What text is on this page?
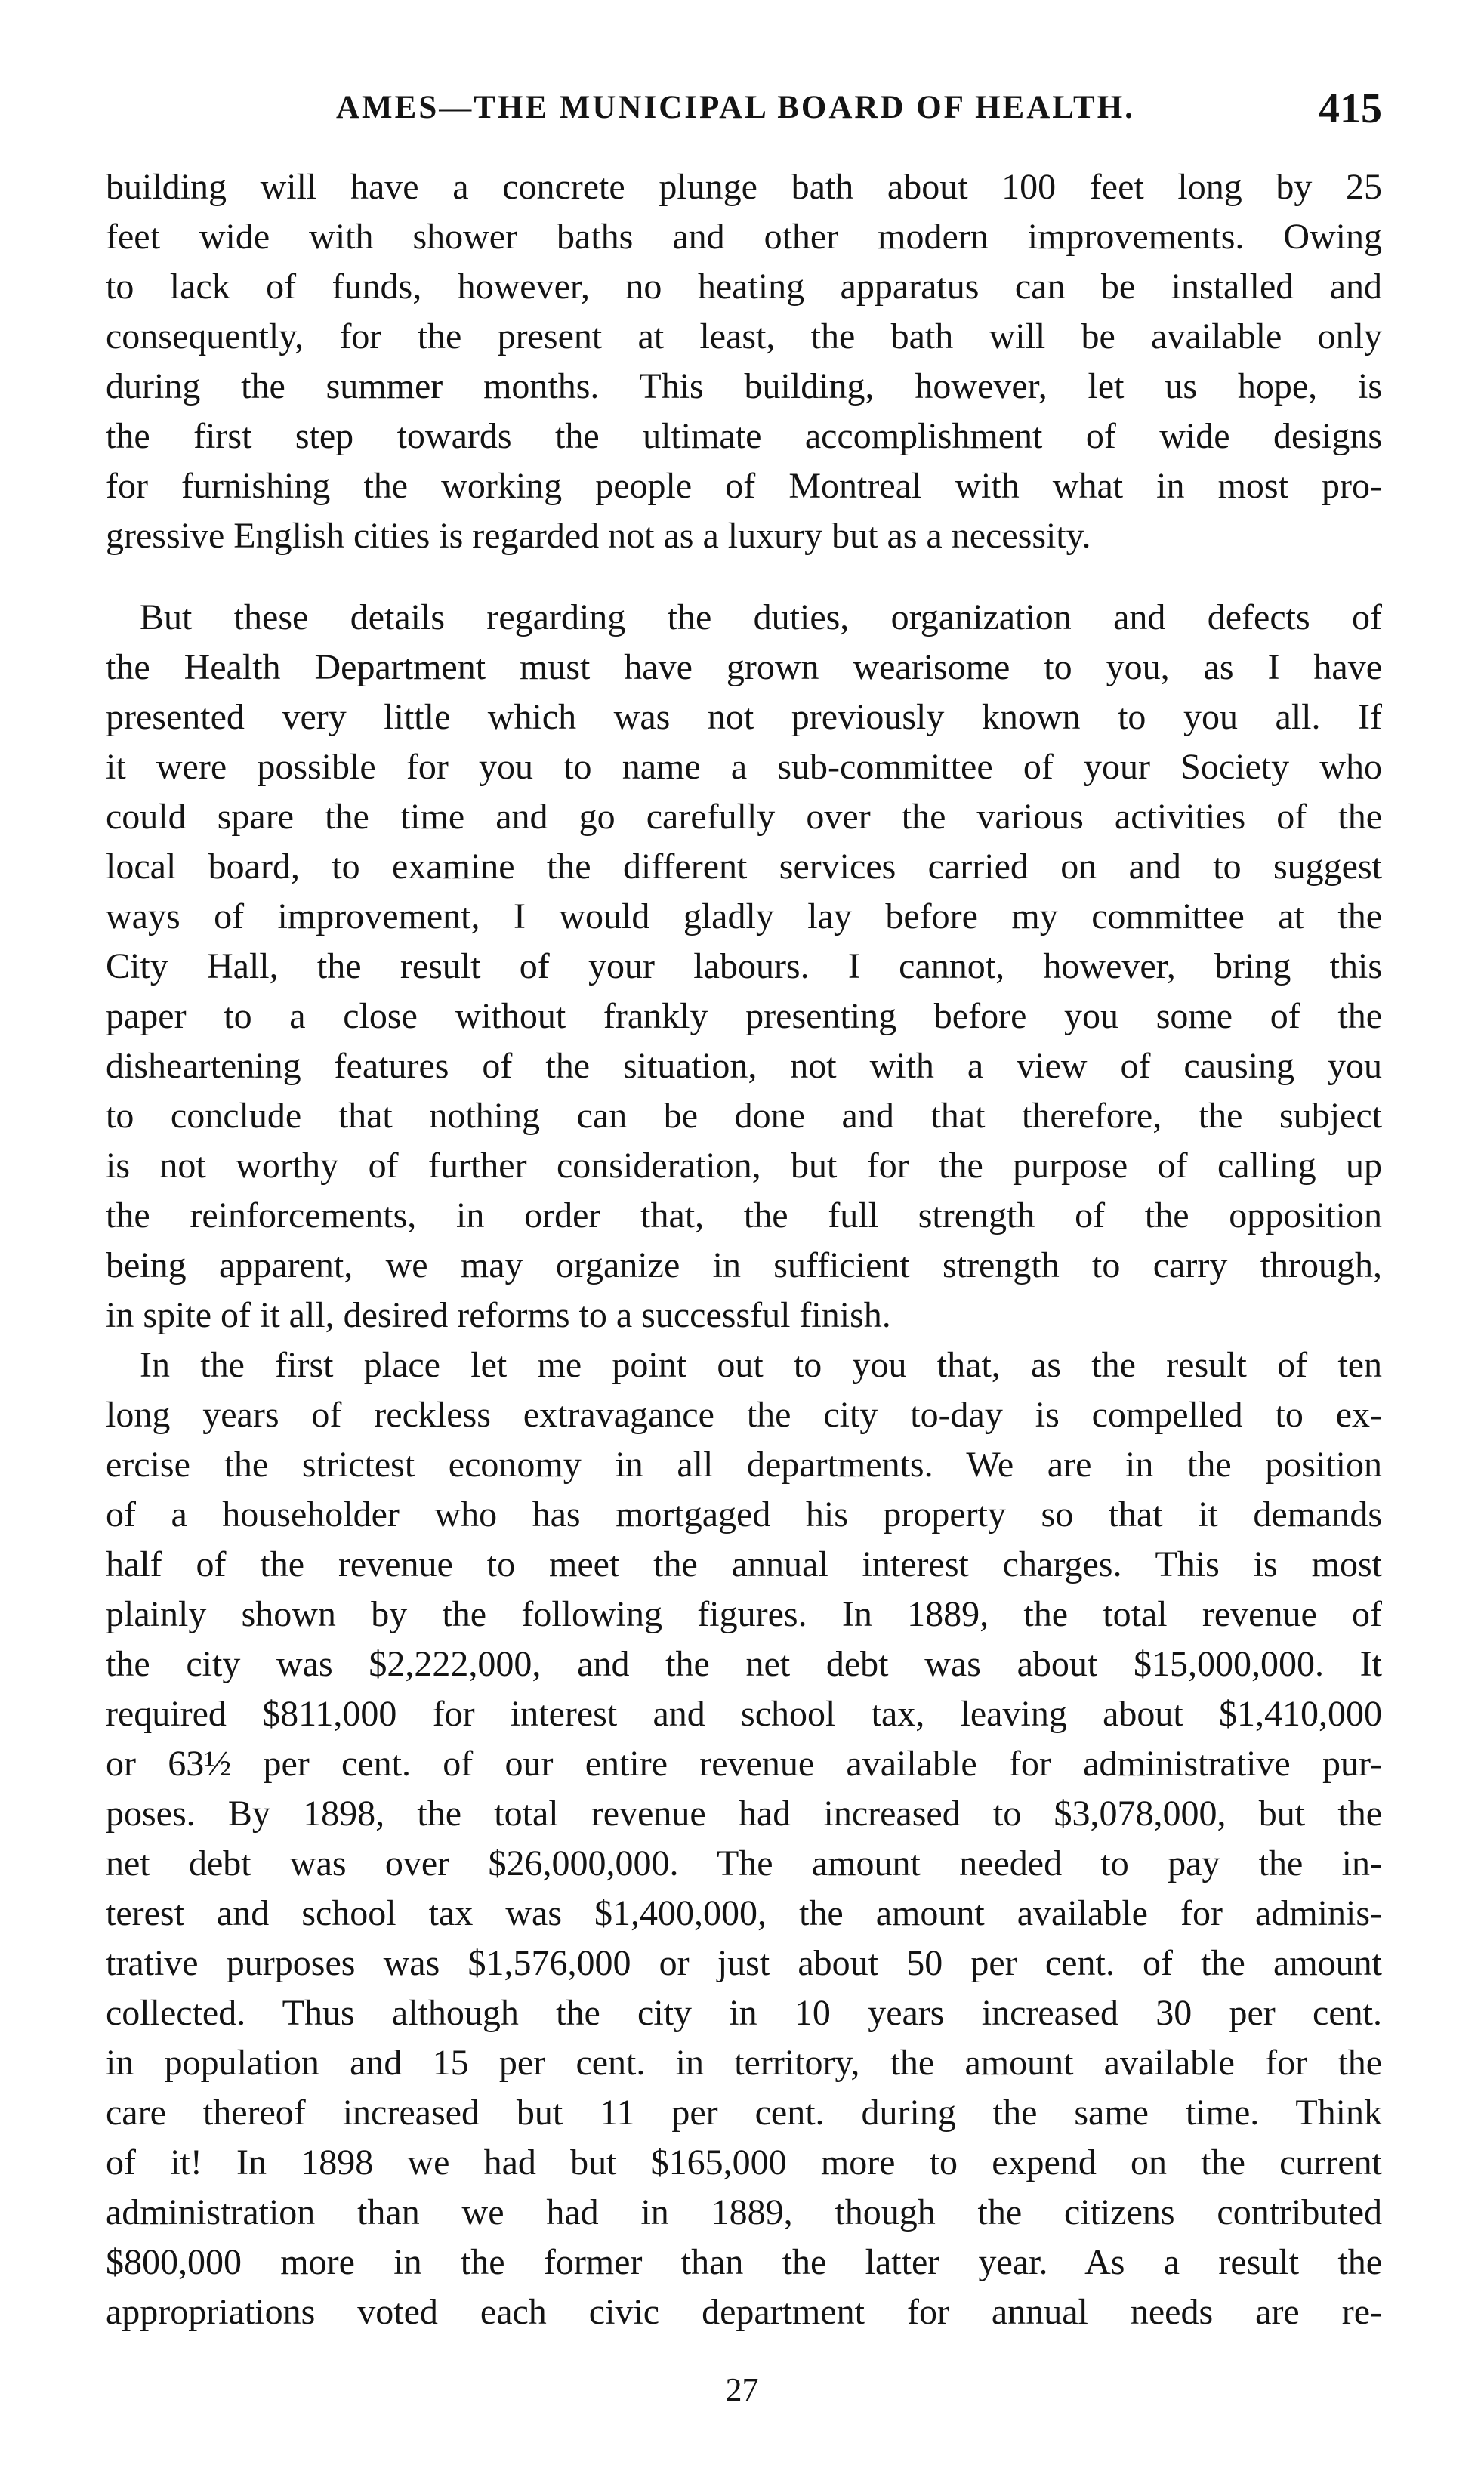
AMES—THE MUNICIPAL BOARD OF HEALTH.	415
building will have a concrete plunge bath about 100 feet long by 25
feet wide with shower baths and other modern improvements. Owing
to lack of funds, however, no heating apparatus can be installed and
consequently, for the present at least, the bath will be available only
during the summer months. This building, however, let us hope, is
the first step towards the ultimate accomplishment of wide designs
for furnishing the working people of Montreal with what in most pro-
gressive English cities is regarded not as a luxury but as a necessity.
But these details regarding the duties, organization and defects of
the Health Department must have grown wearisome to you, as I have
presented very little which was not previously known to you all. If
it were possible for you to name a sub-committee of your Society who
could spare the time and go carefully over the various activities of the
local board, to examine the different services carried on and to suggest
ways of improvement, I would gladly lay before my committee at the
City Hall, the result of your labours. I cannot, however, bring this
paper to a close without frankly presenting before you some of the
disheartening features of the situation, not with a view of causing you
to conclude that nothing can be done and that therefore, the subject
is not worthy of further consideration, but for the purpose of calling up
the reinforcements, in order that, the full strength of the opposition
being apparent, we may organize in sufficient strength to carry through,
in spite of it all, desired reforms to a successful finish.
In the first place let me point out to you that, as the result of ten
long years of reckless extravagance the city to-day is compelled to ex-
ercise the strictest economy in all departments. We are in the position
of a householder who has mortgaged his property so that it demands
half of the revenue to meet the annual interest charges. This is most
plainly shown by the following figures. In 1889, the total revenue of
the city was $2,222,000, and the net debt was about $15,000,000. It
required $811,000 for interest and school tax, leaving about $1,410,000
or 63½ per cent. of our entire revenue available for administrative pur-
poses. By 1898, the total revenue had increased to $3,078,000, but the
net debt was over $26,000,000. The amount needed to pay the in-
terest and school tax was $1,400,000, the amount available for adminis-
trative purposes was $1,576,000 or just about 50 per cent. of the amount
collected. Thus although the city in 10 years increased 30 per cent.
in population and 15 per cent. in territory, the amount available for the
care thereof increased but 11 per cent. during the same time. Think
of it! In 1898 we had but $165,000 more to expend on the current
administration than we had in 1889, though the citizens contributed
$800,000 more in the former than the latter year. As a result the
appropriations voted each civic department for annual needs are re-
27
